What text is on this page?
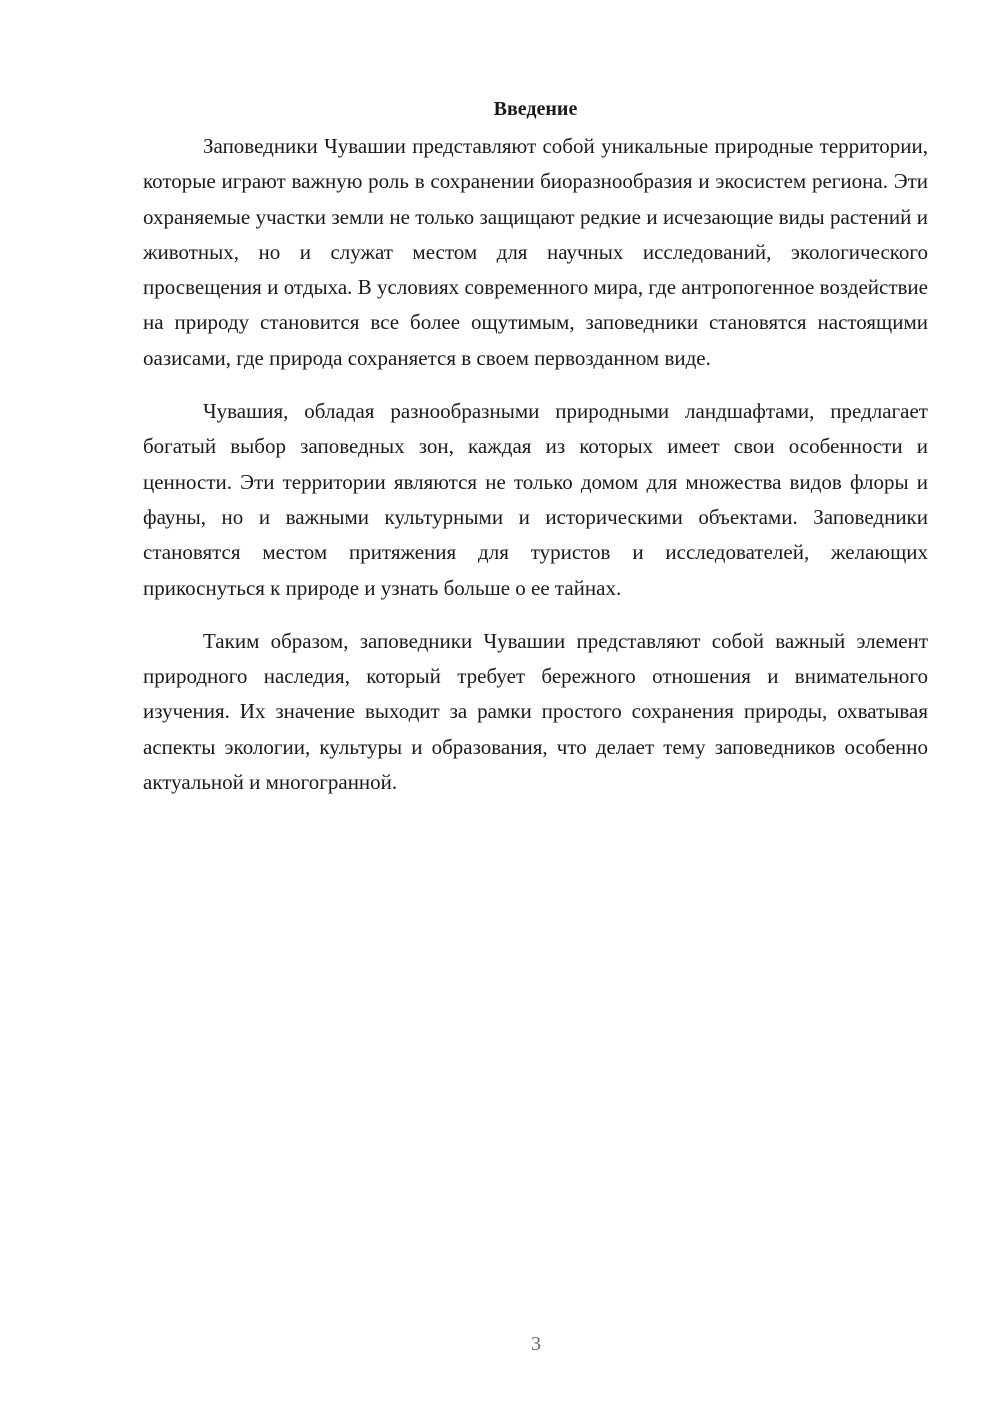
Введение

Заповедники Чувашии представляют собой уникальные природные территории, которые играют важную роль в сохранении биоразнообразия и экосистем региона. Эти охраняемые участки земли не только защищают редкие и исчезающие виды растений и животных, но и служат местом для научных исследований, экологического просвещения и отдыха. В условиях современного мира, где антропогенное воздействие на природу становится все более ощутимым, заповедники становятся настоящими оазисами, где природа сохраняется в своем первозданном виде.

Чувашия, обладая разнообразными природными ландшафтами, предлагает богатый выбор заповедных зон, каждая из которых имеет свои особенности и ценности. Эти территории являются не только домом для множества видов флоры и фауны, но и важными культурными и историческими объектами. Заповедники становятся местом притяжения для туристов и исследователей, желающих прикоснуться к природе и узнать больше о ее тайнах.

Таким образом, заповедники Чувашии представляют собой важный элемент природного наследия, который требует бережного отношения и внимательного изучения. Их значение выходит за рамки простого сохранения природы, охватывая аспекты экологии, культуры и образования, что делает тему заповедников особенно актуальной и многогранной.

3
